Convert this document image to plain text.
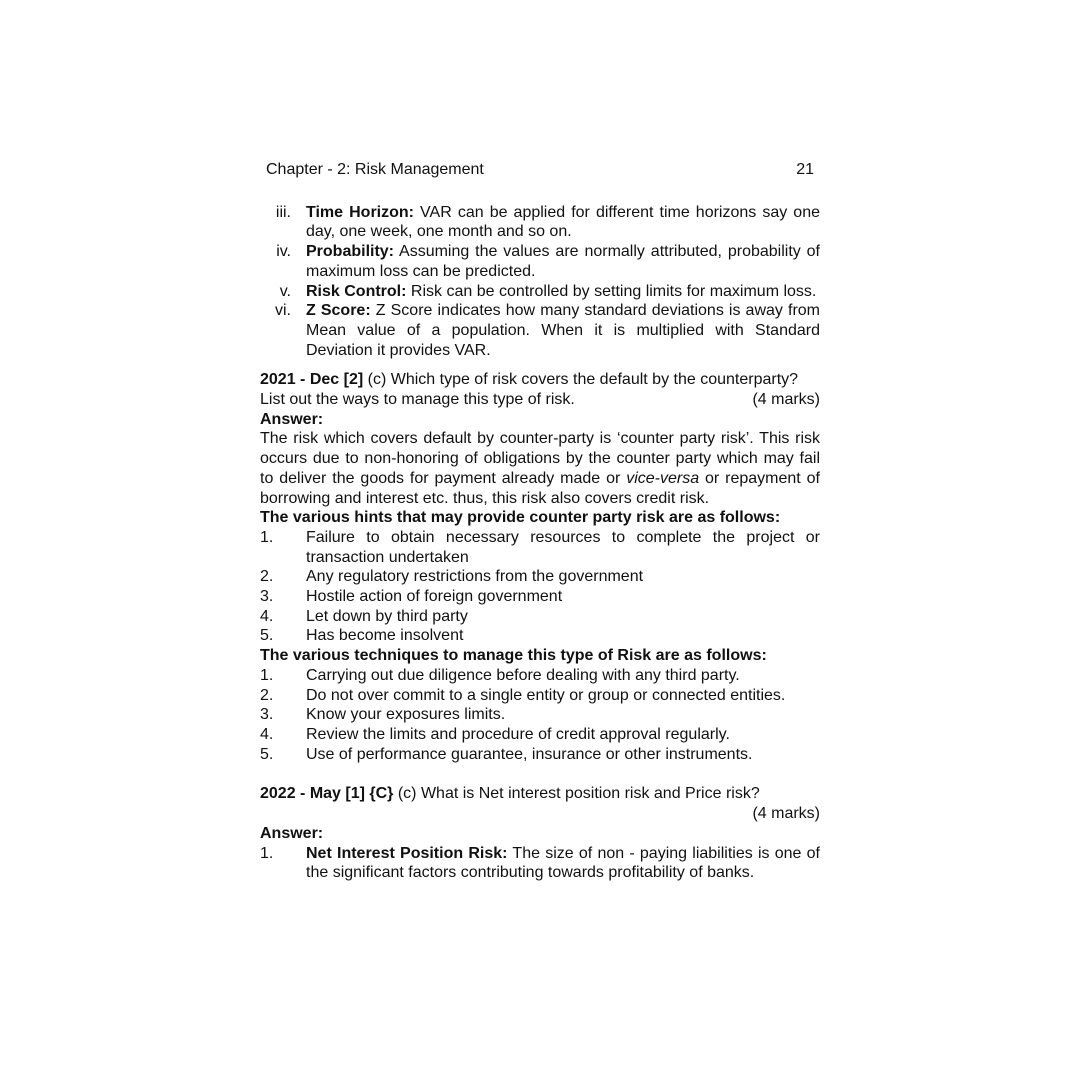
Chapter - 2: Risk Management	21
iii. Time Horizon: VAR can be applied for different time horizons say one day, one week, one month and so on.
iv. Probability: Assuming the values are normally attributed, probability of maximum loss can be predicted.
v. Risk Control: Risk can be controlled by setting limits for maximum loss.
vi. Z Score: Z Score indicates how many standard deviations is away from Mean value of a population. When it is multiplied with Standard Deviation it provides VAR.
2021 - Dec [2] (c) Which type of risk covers the default by the counterparty?
List out the ways to manage this type of risk.	(4 marks)
Answer:
The risk which covers default by counter-party is ‘counter party risk’. This risk occurs due to non-honoring of obligations by the counter party which may fail to deliver the goods for payment already made or vice-versa or repayment of borrowing and interest etc. thus, this risk also covers credit risk.
The various hints that may provide counter party risk are as follows:
1.	Failure to obtain necessary resources to complete the project or transaction undertaken
2.	Any regulatory restrictions from the government
3.	Hostile action of foreign government
4.	Let down by third party
5.	Has become insolvent
The various techniques to manage this type of Risk are as follows:
1.	Carrying out due diligence before dealing with any third party.
2.	Do not over commit to a single entity or group or connected entities.
3.	Know your exposures limits.
4.	Review the limits and procedure of credit approval regularly.
5.	Use of performance guarantee, insurance or other instruments.
2022 - May [1] {C} (c) What is Net interest position risk and Price risk?
(4 marks)
Answer:
1.	Net Interest Position Risk: The size of non - paying liabilities is one of the significant factors contributing towards profitability of banks.
